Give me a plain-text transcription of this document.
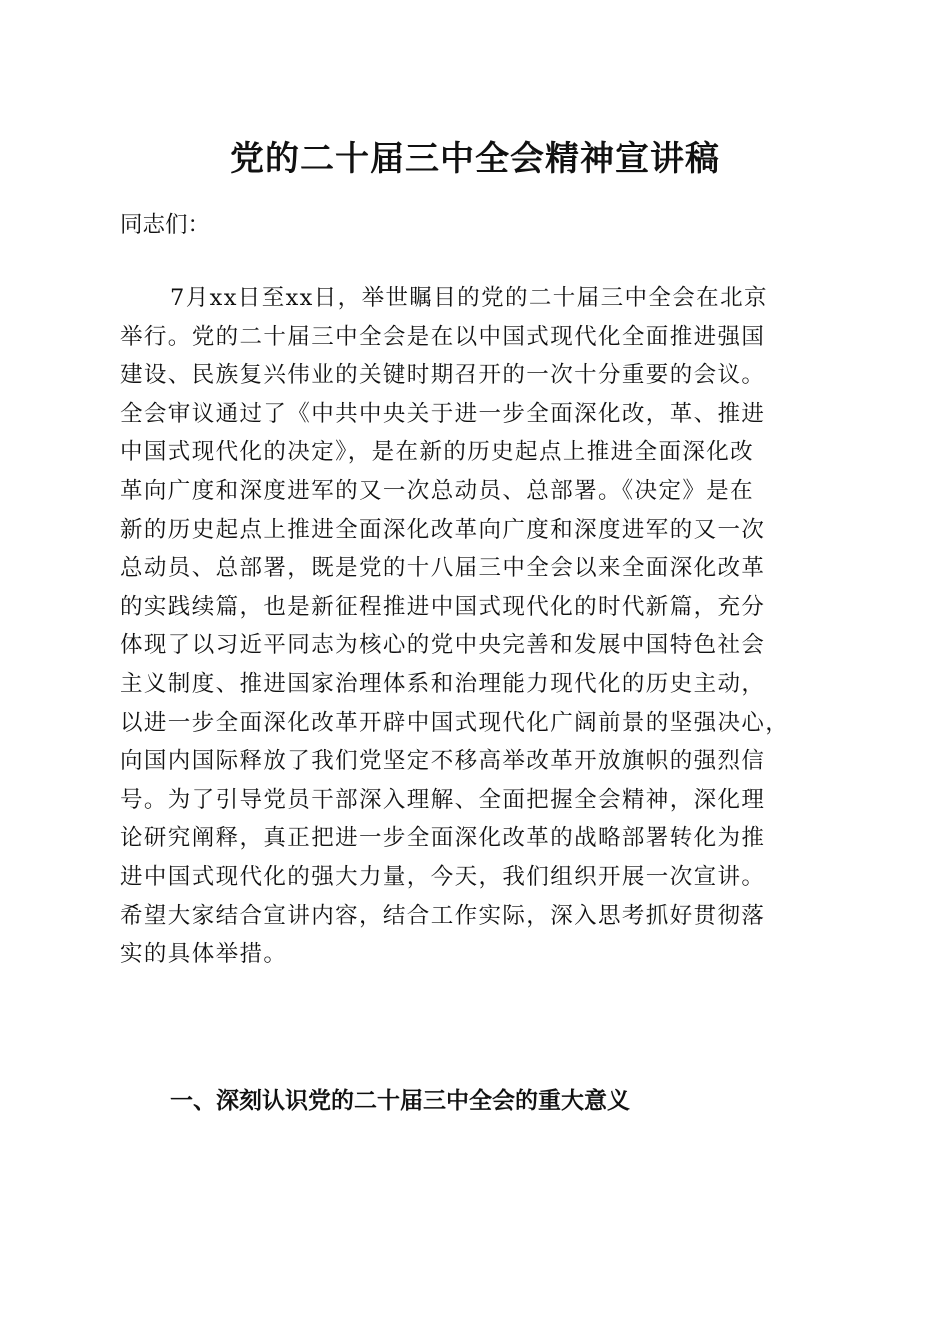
党的二十届三中全会精神宣讲稿
同志们：
7月xx日至xx日，举世瞩目的党的二十届三中全会在北京
举行。党的二十届三中全会是在以中国式现代化全面推进强国
建设、民族复兴伟业的关键时期召开的一次十分重要的会议。
全会审议通过了《中共中央关于进一步全面深化改，革、推进
中国式现代化的决定》，是在新的历史起点上推进全面深化改
革向广度和深度进军的又一次总动员、总部署。《决定》是在
新的历史起点上推进全面深化改革向广度和深度进军的又一次
总动员、总部署，既是党的十八届三中全会以来全面深化改革
的实践续篇，也是新征程推进中国式现代化的时代新篇，充分
体现了以习近平同志为核心的党中央完善和发展中国特色社会
主义制度、推进国家治理体系和治理能力现代化的历史主动，
以进一步全面深化改革开辟中国式现代化广阔前景的坚强决心，
向国内国际释放了我们党坚定不移高举改革开放旗帜的强烈信
号。为了引导党员干部深入理解、全面把握全会精神，深化理
论研究阐释，真正把进一步全面深化改革的战略部署转化为推
进中国式现代化的强大力量，今天，我们组织开展一次宣讲。
希望大家结合宣讲内容，结合工作实际，深入思考抓好贯彻落
实的具体举措。
一、深刻认识党的二十届三中全会的重大意义
